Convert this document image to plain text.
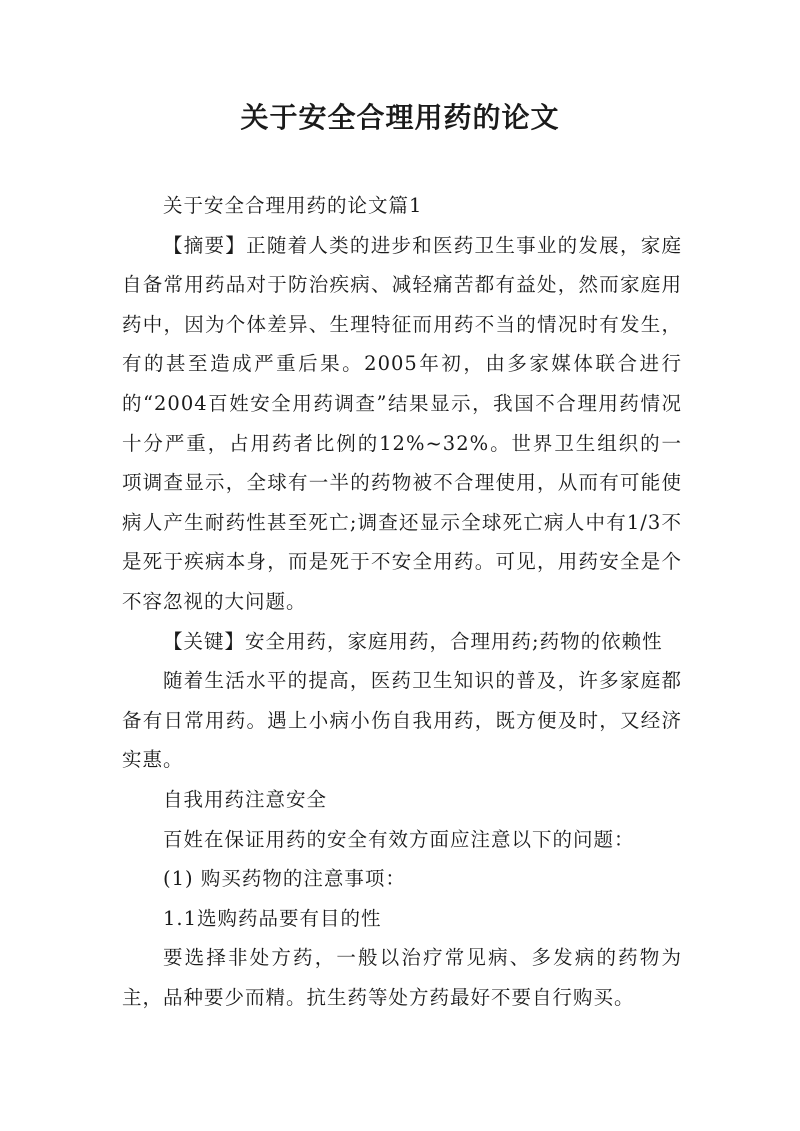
关于安全合理用药的论文

关于安全合理用药的论文篇1

【摘要】正随着人类的进步和医药卫生事业的发展，家庭自备常用药品对于防治疾病、减轻痛苦都有益处，然而家庭用药中，因为个体差异、生理特征而用药不当的情况时有发生，有的甚至造成严重后果。2005年初，由多家媒体联合进行的“2004百姓安全用药调查”结果显示，我国不合理用药情况十分严重，占用药者比例的12%~32%。世界卫生组织的一项调查显示，全球有一半的药物被不合理使用，从而有可能使病人产生耐药性甚至死亡;调查还显示全球死亡病人中有1/3不是死于疾病本身，而是死于不安全用药。可见，用药安全是个不容忽视的大问题。

【关键】安全用药，家庭用药，合理用药;药物的依赖性

随着生活水平的提高，医药卫生知识的普及，许多家庭都备有日常用药。遇上小病小伤自我用药，既方便及时，又经济实惠。

自我用药注意安全

百姓在保证用药的安全有效方面应注意以下的问题：

(1) 购买药物的注意事项：

1.1选购药品要有目的性

要选择非处方药，一般以治疗常见病、多发病的药物为主，品种要少而精。抗生药等处方药最好不要自行购买。
